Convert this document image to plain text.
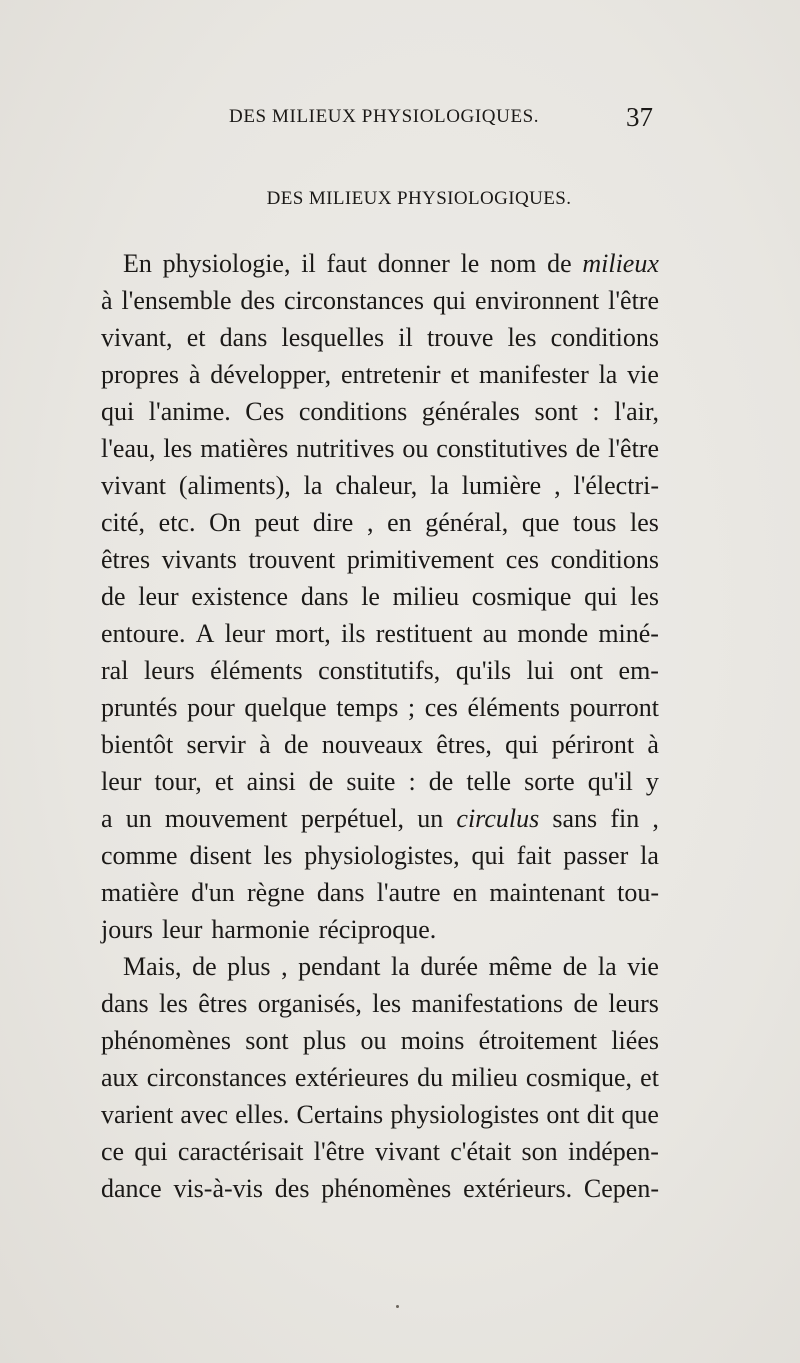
DES MILIEUX PHYSIOLOGIQUES.	37
DES MILIEUX PHYSIOLOGIQUES.
En physiologie, il faut donner le nom de milieux
à l'ensemble des circonstances qui environnent l'être
vivant, et dans lesquelles il trouve les conditions
propres à développer, entretenir et manifester la vie
qui l'anime. Ces conditions générales sont : l'air,
l'eau, les matières nutritives ou constitutives de l'être
vivant (aliments), la chaleur, la lumière , l'électri-
cité, etc. On peut dire , en général, que tous les
êtres vivants trouvent primitivement ces conditions
de leur existence dans le milieu cosmique qui les
entoure. A leur mort, ils restituent au monde miné-
ral leurs éléments constitutifs, qu'ils lui ont em-
pruntés pour quelque temps ; ces éléments pourront
bientôt servir à de nouveaux êtres, qui périront à
leur tour, et ainsi de suite : de telle sorte qu'il y
a un mouvement perpétuel, un circulus sans fin ,
comme disent les physiologistes, qui fait passer la
matière d'un règne dans l'autre en maintenant tou-
jours leur harmonie réciproque.
Mais, de plus , pendant la durée même de la vie
dans les êtres organisés, les manifestations de leurs
phénomènes sont plus ou moins étroitement liées
aux circonstances extérieures du milieu cosmique, et
varient avec elles. Certains physiologistes ont dit que
ce qui caractérisait l'être vivant c'était son indépen-
dance vis-à-vis des phénomènes extérieurs. Cepen-
